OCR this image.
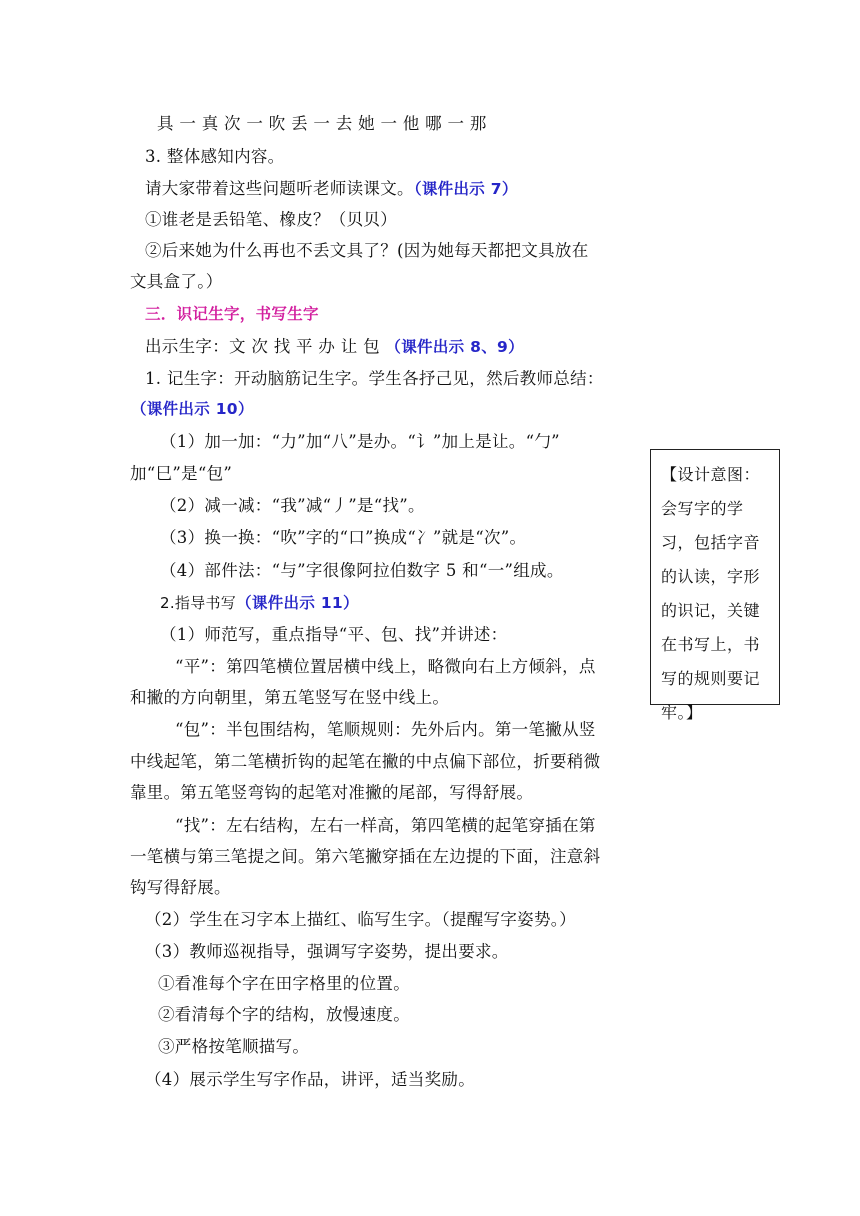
具 一 真 次 一 吹 丢 一 去 她 一 他 哪 一 那
3. 整体感知内容。
请大家带着这些问题听老师读课文。（课件出示 7）
①谁老是丢铅笔、橡皮？（贝贝）
②后来她为什么再也不丢文具了？(因为她每天都把文具放在
文具盒了。）
三．识记生字，书写生字
出示生字：文 次 找 平 办 让 包 （课件出示 8、9）
1. 记生字：开动脑筋记生字。学生各抒己见，然后教师总结：
（课件出示 10）
（1）加一加：“力”加“八”是办。“讠”加上是让。“勹”
加“巳”是“包”
（2）减一减：“我”减“丿”是“找”。
（3）换一换：“吹”字的“口”换成“冫”就是“次”。
（4）部件法：“与”字很像阿拉伯数字 5 和“一”组成。
2.指导书写（课件出示 11）
（1）师范写，重点指导“平、包、找”并讲述：
“平”：第四笔横位置居横中线上，略微向右上方倾斜，点
和撇的方向朝里，第五笔竖写在竖中线上。
“包”：半包围结构，笔顺规则：先外后内。第一笔撇从竖
中线起笔，第二笔横折钩的起笔在撇的中点偏下部位，折要稍微
靠里。第五笔竖弯钩的起笔对准撇的尾部，写得舒展。
“找”：左右结构，左右一样高，第四笔横的起笔穿插在第
一笔横与第三笔提之间。第六笔撇穿插在左边提的下面，注意斜
钩写得舒展。
（2）学生在习字本上描红、临写生字。（提醒写字姿势。）
（3）教师巡视指导，强调写字姿势，提出要求。
①看准每个字在田字格里的位置。
②看清每个字的结构，放慢速度。
③严格按笔顺描写。
（4）展示学生写字作品，讲评，适当奖励。
【设计意图：会写字的学习，包括字音的认读，字形的识记，关键在书写上，书写的规则要记牢。】
